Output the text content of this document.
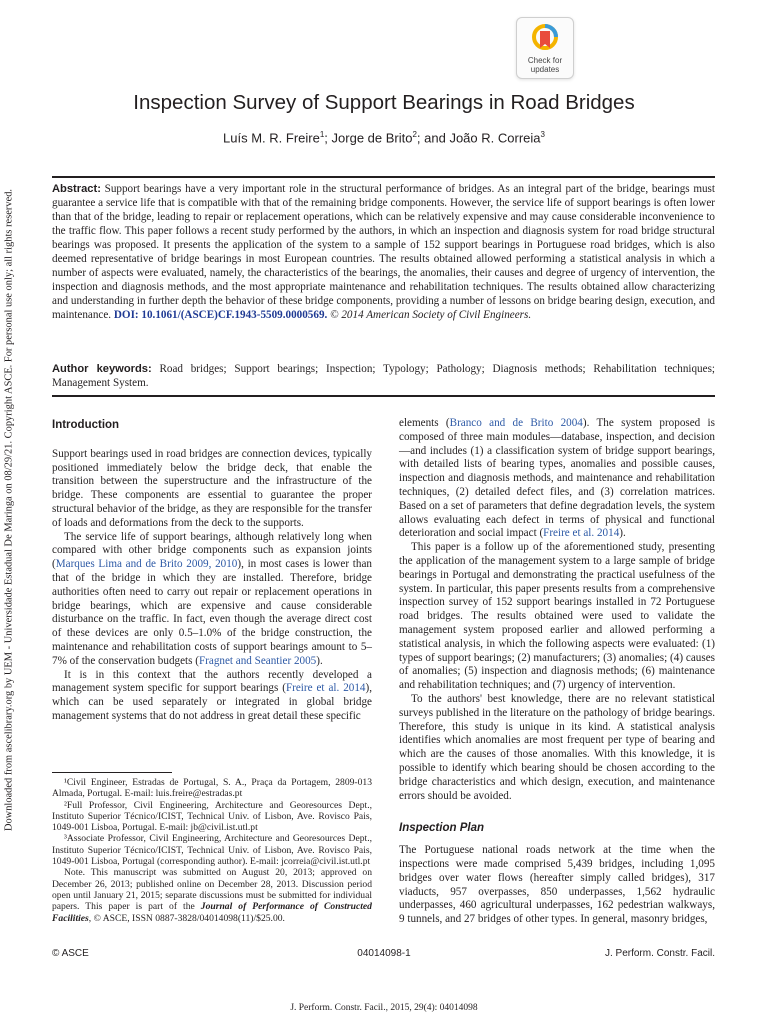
Downloaded from ascelibrary.org by UEM - Universidade Estadual De Maringa on 08/29/21. Copyright ASCE. For personal use only; all rights reserved.
Check for
updates
Inspection Survey of Support Bearings in Road Bridges
Luís M. R. Freire$^1$; Jorge de Brito$^2$; and João R. Correia$^3$
Abstract: Support bearings have a very important role in the structural performance of bridges. As an integral part of the bridge, bearings must guarantee a service life that is compatible with that of the remaining bridge components. However, the service life of support bearings is often lower than that of the bridge, leading to repair or replacement operations, which can be relatively expensive and may cause considerable inconvenience to the traffic flow. This paper follows a recent study performed by the authors, in which an inspection and diagnosis system for road bridge structural bearings was proposed. It presents the application of the system to a sample of 152 support bearings in Portuguese road bridges, which is also deemed representative of bridge bearings in most European countries. The results obtained allowed performing a statistical analysis in which a number of aspects were evaluated, namely, the characteristics of the bearings, the anomalies, their causes and degree of urgency of intervention, the inspection and diagnosis methods, and the most appropriate maintenance and rehabilitation techniques. The results obtained allow characterizing and understanding in further depth the behavior of these bridge components, providing a number of lessons on bridge bearing design, execution, and maintenance. DOI: 10.1061/(ASCE)CF.1943-5509.0000569. © 2014 American Society of Civil Engineers.
Author keywords: Road bridges; Support bearings; Inspection; Typology; Pathology; Diagnosis methods; Rehabilitation techniques; Management System.

Introduction

Support bearings used in road bridges are connection devices, typically positioned immediately below the bridge deck, that enable the transition between the superstructure and the infrastructure of the bridge. These components are essential to guarantee the proper structural behavior of the bridge, as they are responsible for the transfer of loads and deformations from the deck to the supports.

The service life of support bearings, although relatively long when compared with other bridge components such as expansion joints (Marques Lima and de Brito 2009, 2010), in most cases is lower than that of the bridge in which they are installed. Therefore, bridge authorities often need to carry out repair or replacement operations in bridge bearings, which are expensive and cause considerable disturbance on the traffic. In fact, even though the average direct cost of these devices are only 0.5–1.0% of the bridge construction, the maintenance and rehabilitation costs of support bearings amount to 5–7% of the conservation budgets (Fragnet and Seantier 2005).

It is in this context that the authors recently developed a management system specific for support bearings (Freire et al. 2014), which can be used separately or integrated in global bridge management systems that do not address in great detail these specific

¹Civil Engineer, Estradas de Portugal, S. A., Praça da Portagem, 2809-013 Almada, Portugal. E-mail: luis.freire@estradas.pt

²Full Professor, Civil Engineering, Architecture and Georesources Dept., Instituto Superior Técnico/ICIST, Technical Univ. of Lisbon, Ave. Rovisco Pais, 1049-001 Lisboa, Portugal. E-mail: jb@civil.ist.utl.pt

³Associate Professor, Civil Engineering, Architecture and Georesources Dept., Instituto Superior Técnico/ICIST, Technical Univ. of Lisbon, Ave. Rovisco Pais, 1049-001 Lisboa, Portugal (corresponding author). E-mail: jcorreia@civil.ist.utl.pt

Note. This manuscript was submitted on August 20, 2013; approved on December 26, 2013; published online on December 28, 2013. Discussion period open until January 21, 2015; separate discussions must be submitted for individual papers. This paper is part of the Journal of Performance of Constructed Facilities, © ASCE, ISSN 0887-3828/04014098(11)/$25.00.

elements (Branco and de Brito 2004). The system proposed is composed of three main modules—database, inspection, and decision—and includes (1) a classification system of bridge support bearings, with detailed lists of bearing types, anomalies and possible causes, inspection and diagnosis methods, and maintenance and rehabilitation techniques, (2) detailed defect files, and (3) correlation matrices. Based on a set of parameters that define degradation levels, the system allows evaluating each defect in terms of physical and functional deterioration and social impact (Freire et al. 2014).

This paper is a follow up of the aforementioned study, presenting the application of the management system to a large sample of bridge bearings in Portugal and demonstrating the practical usefulness of the system. In particular, this paper presents results from a comprehensive inspection survey of 152 support bearings installed in 72 Portuguese road bridges. The results obtained were used to validate the management system proposed earlier and allowed performing a statistical analysis, in which the following aspects were evaluated: (1) types of support bearings; (2) manufacturers; (3) anomalies; (4) causes of anomalies; (5) inspection and diagnosis methods; (6) maintenance and rehabilitation techniques; and (7) urgency of intervention.

To the authors' best knowledge, there are no relevant statistical surveys published in the literature on the pathology of bridge bearings. Therefore, this study is unique in its kind. A statistical analysis identifies which anomalies are most frequent per type of bearing and which are the causes of those anomalies. With this knowledge, it is possible to identify which bearing should be chosen according to the bridge characteristics and which design, execution, and maintenance errors should be avoided.

Inspection Plan

The Portuguese national roads network at the time when the inspections were made comprised 5,439 bridges, including 1,095 bridges over water flows (hereafter simply called bridges), 317 viaducts, 957 overpasses, 850 underpasses, 1,562 hydraulic underpasses, 460 agricultural underpasses, 162 pedestrian walkways, 9 tunnels, and 27 bridges of other types. In general, masonry bridges,

© ASCE	04014098-1	J. Perform. Constr. Facil.
J. Perform. Constr. Facil., 2015, 29(4): 04014098
